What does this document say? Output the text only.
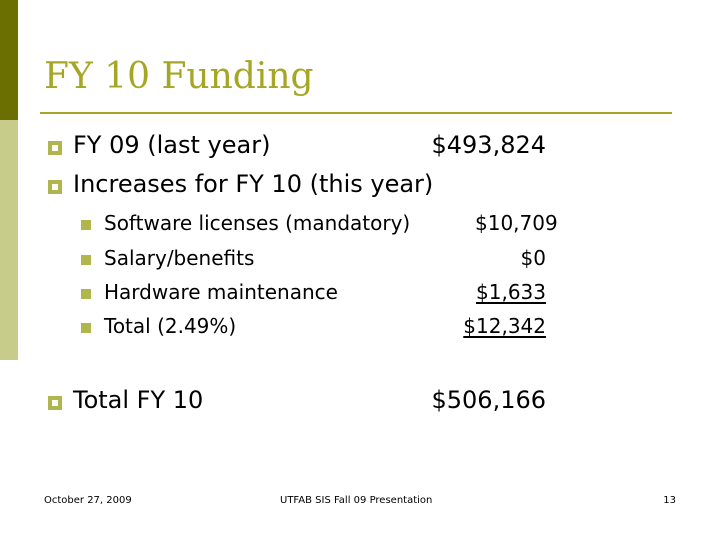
FY 10 Funding
FY 09 (last year)	$493,824
Increases for FY 10 (this year)
Software licenses (mandatory)	$10,709
Salary/benefits	$0
Hardware maintenance	$1,633
Total (2.49%)	$12,342
Total FY 10	$506,166
October 27, 2009	UTFAB SIS Fall 09 Presentation	13
